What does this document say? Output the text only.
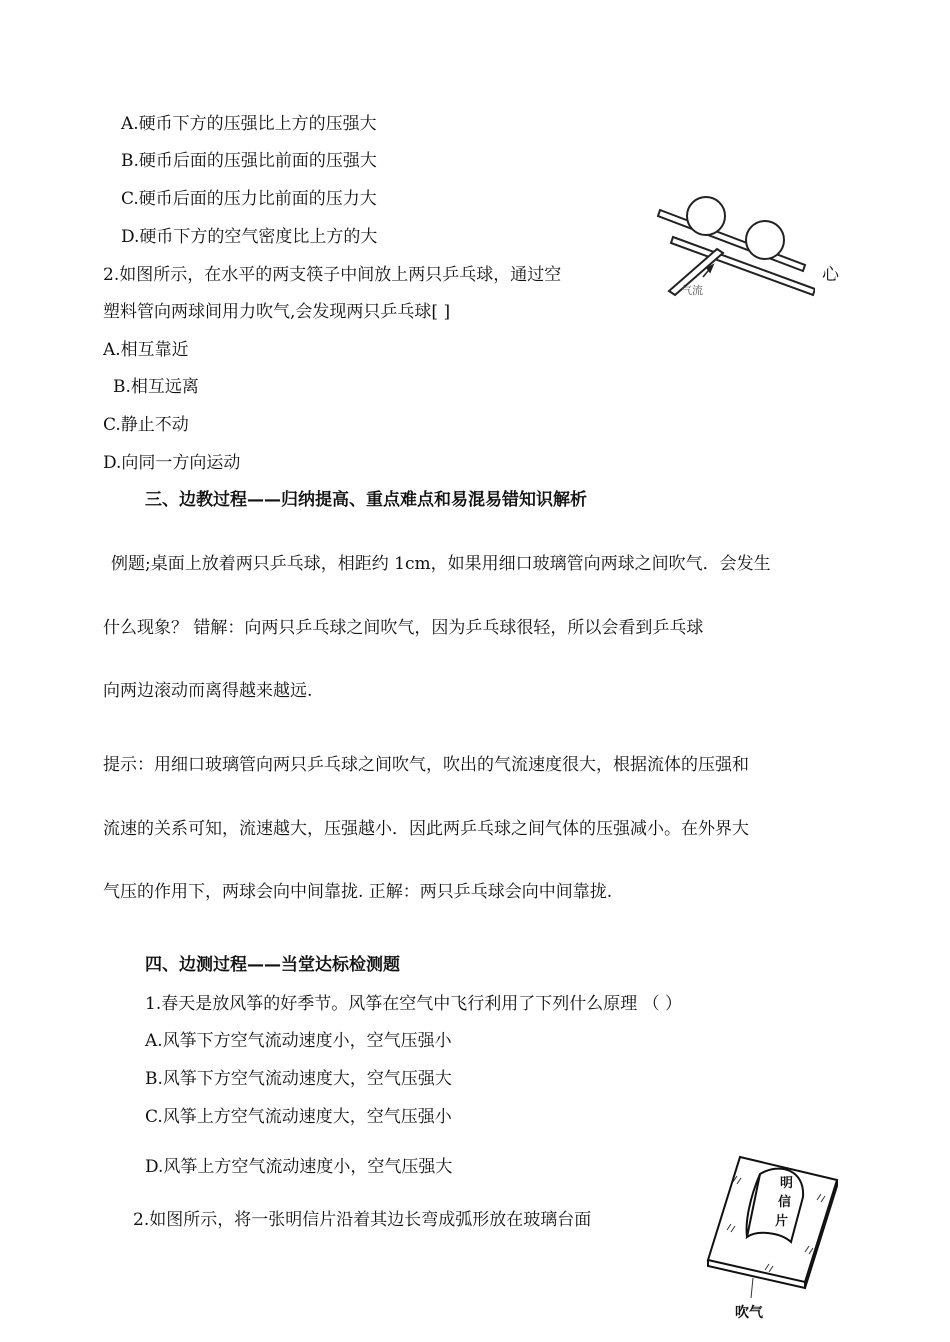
A.硬币下方的压强比上方的压强大
B.硬币后面的压强比前面的压强大
C.硬币后面的压力比前面的压力大
D.硬币下方的空气密度比上方的大
2.如图所示，在水平的两支筷子中间放上两只乒乓球，通过空	心
塑料管向两球间用力吹气,会发现两只乒乓球[ ]
A.相互靠近
B.相互远离
C.静止不动
D.向同一方向运动
气流
三、边教过程——归纳提高、重点难点和易混易错知识解析
例题;桌面上放着两只乒乓球，相距约 1cm，如果用细口玻璃管向两球之间吹气．会发生
什么现象？ 错解：向两只乒乓球之间吹气，因为乒乓球很轻，所以会看到乒乓球
向两边滚动而离得越来越远.
提示：用细口玻璃管向两只乒乓球之间吹气，吹出的气流速度很大，根据流体的压强和
流速的关系可知，流速越大，压强越小．因此两乒乓球之间气体的压强减小。在外界大
气压的作用下，两球会向中间靠拢. 正解：两只乒乓球会向中间靠拢.
四、边测过程——当堂达标检测题
1.春天是放风筝的好季节。风筝在空气中飞行利用了下列什么原理 （ ）
A.风筝下方空气流动速度小，空气压强小
B.风筝下方空气流动速度大，空气压强大
C.风筝上方空气流动速度大，空气压强小
D.风筝上方空气流动速度小，空气压强大
2.如图所示，将一张明信片沿着其边长弯成弧形放在玻璃台面
明
信
片
吹气
